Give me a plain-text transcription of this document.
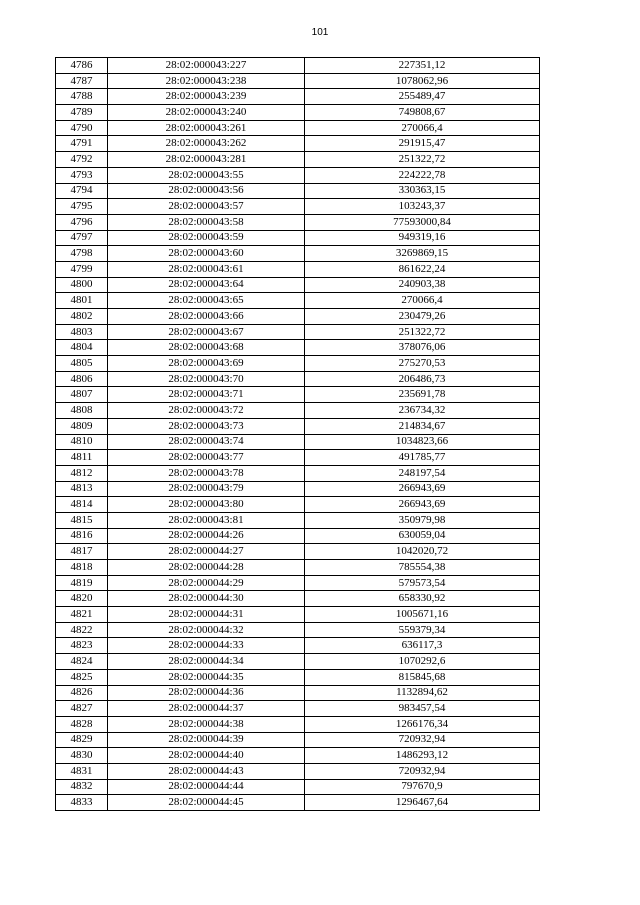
101
4786	28:02:000043:227	227351,12
4787	28:02:000043:238	1078062,96
4788	28:02:000043:239	255489,47
4789	28:02:000043:240	749808,67
4790	28:02:000043:261	270066,4
4791	28:02:000043:262	291915,47
4792	28:02:000043:281	251322,72
4793	28:02:000043:55	224222,78
4794	28:02:000043:56	330363,15
4795	28:02:000043:57	103243,37
4796	28:02:000043:58	77593000,84
4797	28:02:000043:59	949319,16
4798	28:02:000043:60	3269869,15
4799	28:02:000043:61	861622,24
4800	28:02:000043:64	240903,38
4801	28:02:000043:65	270066,4
4802	28:02:000043:66	230479,26
4803	28:02:000043:67	251322,72
4804	28:02:000043:68	378076,06
4805	28:02:000043:69	275270,53
4806	28:02:000043:70	206486,73
4807	28:02:000043:71	235691,78
4808	28:02:000043:72	236734,32
4809	28:02:000043:73	214834,67
4810	28:02:000043:74	1034823,66
4811	28:02:000043:77	491785,77
4812	28:02:000043:78	248197,54
4813	28:02:000043:79	266943,69
4814	28:02:000043:80	266943,69
4815	28:02:000043:81	350979,98
4816	28:02:000044:26	630059,04
4817	28:02:000044:27	1042020,72
4818	28:02:000044:28	785554,38
4819	28:02:000044:29	579573,54
4820	28:02:000044:30	658330,92
4821	28:02:000044:31	1005671,16
4822	28:02:000044:32	559379,34
4823	28:02:000044:33	636117,3
4824	28:02:000044:34	1070292,6
4825	28:02:000044:35	815845,68
4826	28:02:000044:36	1132894,62
4827	28:02:000044:37	983457,54
4828	28:02:000044:38	1266176,34
4829	28:02:000044:39	720932,94
4830	28:02:000044:40	1486293,12
4831	28:02:000044:43	720932,94
4832	28:02:000044:44	797670,9
4833	28:02:000044:45	1296467,64
